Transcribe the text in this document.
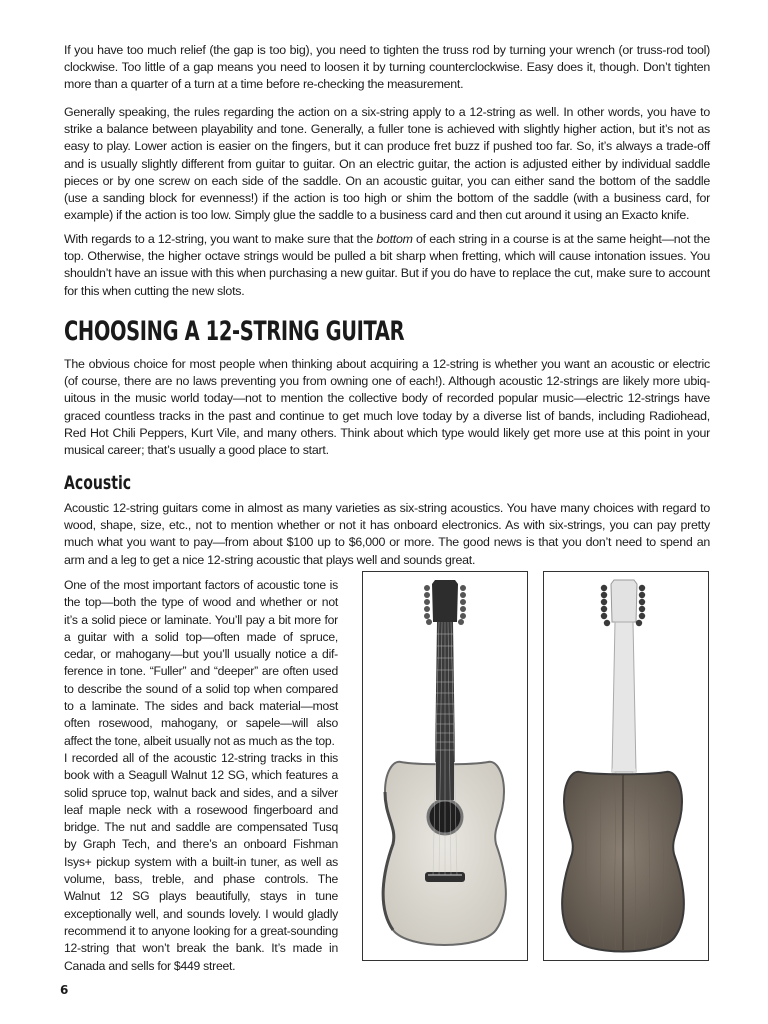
If you have too much relief (the gap is too big), you need to tighten the truss rod by turning your wrench (or truss-rod tool) clockwise. Too little of a gap means you need to loosen it by turning counterclockwise. Easy does it, though. Don’t tighten more than a quarter of a turn at a time before re-checking the measurement.

Generally speaking, the rules regarding the action on a six-string apply to a 12-string as well. In other words, you have to strike a balance between playability and tone. Generally, a fuller tone is achieved with slightly higher action, but it’s not as easy to play. Lower action is easier on the fingers, but it can produce fret buzz if pushed too far. So, it’s always a trade-off and is usually slightly different from guitar to guitar. On an electric guitar, the action is adjusted either by individual saddle pieces or by one screw on each side of the saddle. On an acoustic guitar, you can either sand the bottom of the saddle (use a sanding block for evenness!) if the action is too high or shim the bottom of the saddle (with a business card, for example) if the action is too low. Simply glue the saddle to a business card and then cut around it using an Exacto knife.

With regards to a 12-string, you want to make sure that the bottom of each string in a course is at the same height—not the top. Otherwise, the higher octave strings would be pulled a bit sharp when fretting, which will cause intonation issues. You shouldn’t have an issue with this when purchasing a new guitar. But if you do have to replace the cut, make sure to account for this when cutting the new slots.

CHOOSING A 12-STRING GUITAR

The obvious choice for most people when thinking about acquiring a 12-string is whether you want an acoustic or electric (of course, there are no laws preventing you from owning one of each!). Although acoustic 12-strings are likely more ubiq-uitous in the music world today—not to mention the collective body of recorded popular music—electric 12-strings have graced countless tracks in the past and continue to get much love today by a diverse list of bands, including Radiohead, Red Hot Chili Peppers, Kurt Vile, and many others. Think about which type would likely get more use at this point in your musical career; that’s usually a good place to start.

Acoustic

Acoustic 12-string guitars come in almost as many varieties as six-string acoustics. You have many choices with regard to wood, shape, size, etc., not to mention whether or not it has onboard electronics. As with six-strings, you can pay pretty much what you want to pay—from about $100 up to $6,000 or more. The good news is that you don’t need to spend an arm and a leg to get a nice 12-string acoustic that plays well and sounds great.

One of the most important factors of acoustic tone is the top—both the type of wood and whether or not it’s a solid piece or laminate. You’ll pay a bit more for a guitar with a solid top—often made of spruce, cedar, or mahogany—but you’ll usually notice a dif-ference in tone. “Fuller” and “deeper” are often used to describe the sound of a solid top when compared to a laminate. The sides and back material—most often rosewood, mahogany, or sapele—will also affect the tone, albeit usually not as much as the top.

I recorded all of the acoustic 12-string tracks in this book with a Seagull Walnut 12 SG, which features a solid spruce top, walnut back and sides, and a silver leaf maple neck with a rosewood fingerboard and bridge. The nut and saddle are compensated Tusq by Graph Tech, and there’s an onboard Fishman Isys+ pickup system with a built-in tuner, as well as volume, bass, treble, and phase controls. The Walnut 12 SG plays beautifully, stays in tune exceptionally well, and sounds lovely. I would gladly recommend it to anyone looking for a great-sounding 12-string that won’t break the bank. It’s made in Canada and sells for $449 street.

6
